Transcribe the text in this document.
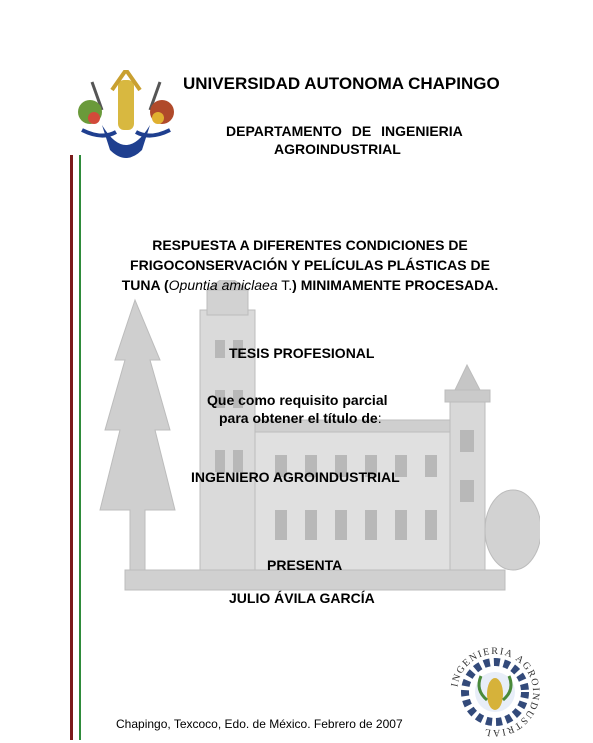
UNIVERSIDAD AUTONOMA CHAPINGO
DEPARTAMENTO DE INGENIERIA
AGROINDUSTRIAL
RESPUESTA A DIFERENTES CONDICIONES DE
FRIGOCONSERVACIÓN Y PELÍCULAS PLÁSTICAS DE
TUNA (Opuntia amiclaea T.) MINIMAMENTE PROCESADA.
TESIS PROFESIONAL
Que como requisito parcial
para obtener el título de:
INGENIERO AGROINDUSTRIAL
PRESENTA
JULIO ÁVILA GARCÍA
INGENIERIA AGROINDUSTRIAL
Chapingo, Texcoco, Edo. de México. Febrero de 2007
